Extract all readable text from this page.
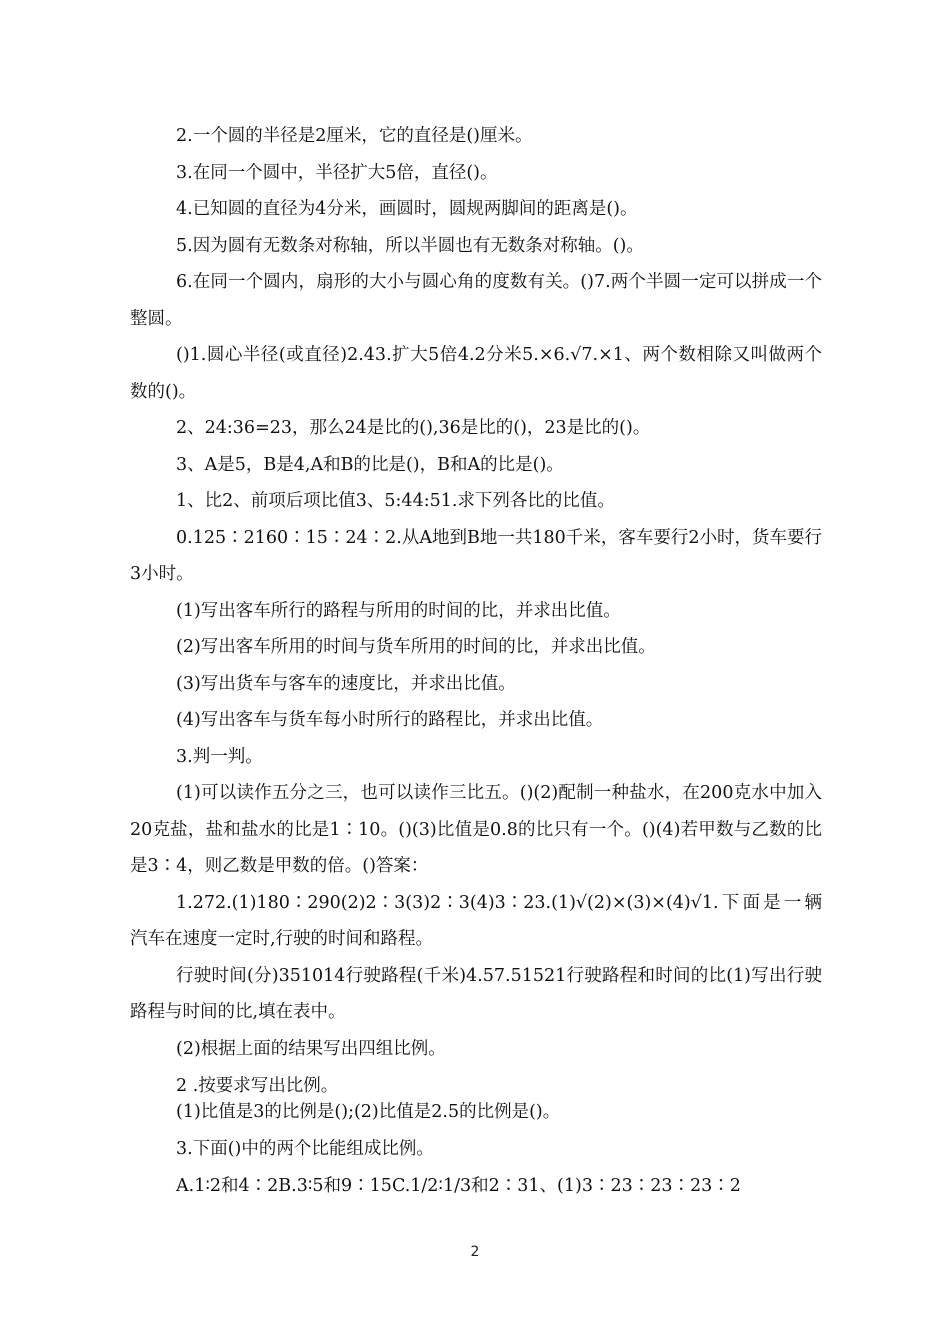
2.一个圆的半径是2厘米，它的直径是()厘米。

3.在同一个圆中，半径扩大5倍，直径()。

4.已知圆的直径为4分米，画圆时，圆规两脚间的距离是()。

5.因为圆有无数条对称轴，所以半圆也有无数条对称轴。()。

6.在同一个圆内，扇形的大小与圆心角的度数有关。()7.两个半圆一定可以拼成一个整圆。

()1.圆心半径(或直径)2.43.扩大5倍4.2分米5.×6.√7.×1、两个数相除又叫做两个数的()。

2、24:36=23，那么24是比的(),36是比的()，23是比的()。

3、A是5，B是4,A和B的比是()，B和A的比是()。

1、比2、前项后项比值3、5:44:51.求下列各比的比值。

0.125∶2160∶15∶24∶2.从A地到B地一共180千米，客车要行2小时，货车要行3小时。

(1)写出客车所行的路程与所用的时间的比，并求出比值。

(2)写出客车所用的时间与货车所用的时间的比，并求出比值。

(3)写出货车与客车的速度比，并求出比值。

(4)写出客车与货车每小时所行的路程比，并求出比值。

3.判一判。

(1)可以读作五分之三，也可以读作三比五。()(2)配制一种盐水，在200克水中加入20克盐，盐和盐水的比是1∶10。()(3)比值是0.8的比只有一个。()(4)若甲数与乙数的比是3∶4，则乙数是甲数的倍。()答案：

1.272.(1)180∶290(2)2∶3(3)2∶3(4)3∶23.(1)√(2)×(3)×(4)√1.下面是一辆汽车在速度一定时,行驶的时间和路程。

行驶时间(分)351014行驶路程(千米)4.57.51521行驶路程和时间的比(1)写出行驶路程与时间的比,填在表中。

(2)根据上面的结果写出四组比例。

2 .按要求写出比例。

(1)比值是3的比例是();(2)比值是2.5的比例是()。

3.下面()中的两个比能组成比例。

A.1∶2和4∶2B.3∶5和9∶15C.1/2∶1/3和2∶31、(1)3∶23∶23∶23∶2

2
